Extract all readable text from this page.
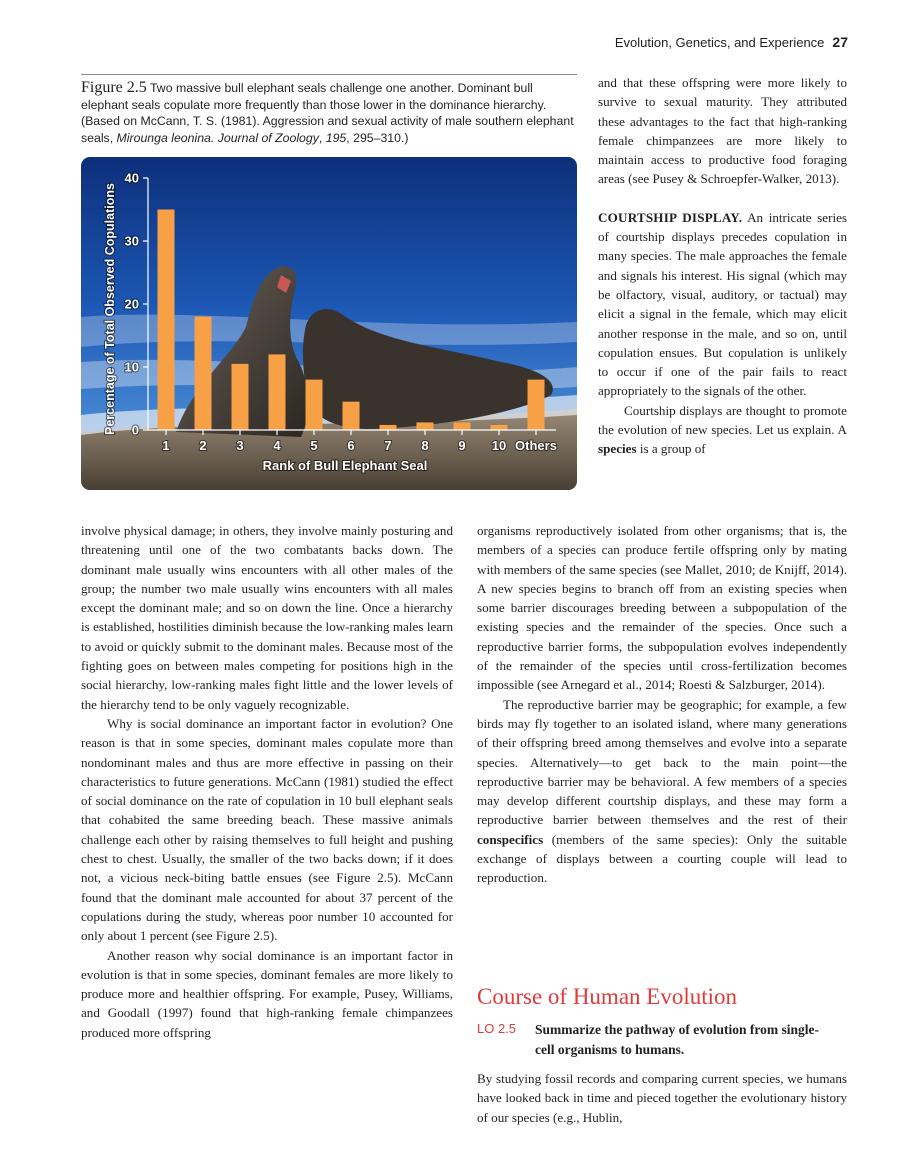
Evolution, Genetics, and Experience 27
Figure 2.5 Two massive bull elephant seals challenge one another. Dominant bull elephant seals copulate more frequently than those lower in the dominance hierarchy. (Based on McCann, T. S. (1981). Aggression and sexual activity of male southern elephant seals, Mirounga leonina. Journal of Zoology, 195, 295–310.)
0
10
20
30
40
1 2 3 4 5 6 7 8 9 10 Others
Rank of Bull Elephant Seal
Percentage of Total Observed Copulations

and that these offspring were more likely to survive to sexual maturity. They attributed these advantages to the fact that high-ranking female chimpanzees are more likely to maintain access to productive food foraging areas (see Pusey & Schroepfer-Walker, 2013).

COURTSHIP DISPLAY. An intricate series of courtship displays precedes copulation in many species. The male approaches the female and signals his interest. His signal (which may be olfactory, visual, auditory, or tactual) may elicit a signal in the female, which may elicit another response in the male, and so on, until copulation ensues. But copulation is unlikely to occur if one of the pair fails to react appropriately to the signals of the other.

Courtship displays are thought to promote the evolution of new species. Let us explain. A species is a group of

involve physical damage; in others, they involve mainly posturing and threatening until one of the two combatants backs down. The dominant male usually wins encounters with all other males of the group; the number two male usually wins encounters with all males except the dominant male; and so on down the line. Once a hierarchy is established, hostilities diminish because the low-ranking males learn to avoid or quickly submit to the dominant males. Because most of the fighting goes on between males competing for positions high in the social hierarchy, low-ranking males fight little and the lower levels of the hierarchy tend to be only vaguely recognizable.

Why is social dominance an important factor in evolution? One reason is that in some species, dominant males copulate more than nondominant males and thus are more effective in passing on their characteristics to future generations. McCann (1981) studied the effect of social dominance on the rate of copulation in 10 bull elephant seals that cohabited the same breeding beach. These massive animals challenge each other by raising themselves to full height and pushing chest to chest. Usually, the smaller of the two backs down; if it does not, a vicious neck-biting battle ensues (see Figure 2.5). McCann found that the dominant male accounted for about 37 percent of the copulations during the study, whereas poor number 10 accounted for only about 1 percent (see Figure 2.5).

Another reason why social dominance is an important factor in evolution is that in some species, dominant females are more likely to produce more and healthier offspring. For example, Pusey, Williams, and Goodall (1997) found that high-ranking female chimpanzees produced more offspring

organisms reproductively isolated from other organisms; that is, the members of a species can produce fertile offspring only by mating with members of the same species (see Mallet, 2010; de Knijff, 2014). A new species begins to branch off from an existing species when some barrier discourages breeding between a subpopulation of the existing species and the remainder of the species. Once such a reproductive barrier forms, the subpopulation evolves independently of the remainder of the species until cross-fertilization becomes impossible (see Arnegard et al., 2014; Roesti & Salzburger, 2014).

The reproductive barrier may be geographic; for example, a few birds may fly together to an isolated island, where many generations of their offspring breed among themselves and evolve into a separate species. Alternatively—to get back to the main point—the reproductive barrier may be behavioral. A few members of a species may develop different courtship displays, and these may form a reproductive barrier between themselves and the rest of their conspecifics (members of the same species): Only the suitable exchange of displays between a courting couple will lead to reproduction.

Course of Human Evolution
LO 2.5 Summarize the pathway of evolution from single-cell organisms to humans.

By studying fossil records and comparing current species, we humans have looked back in time and pieced together the evolutionary history of our species (e.g., Hublin,
